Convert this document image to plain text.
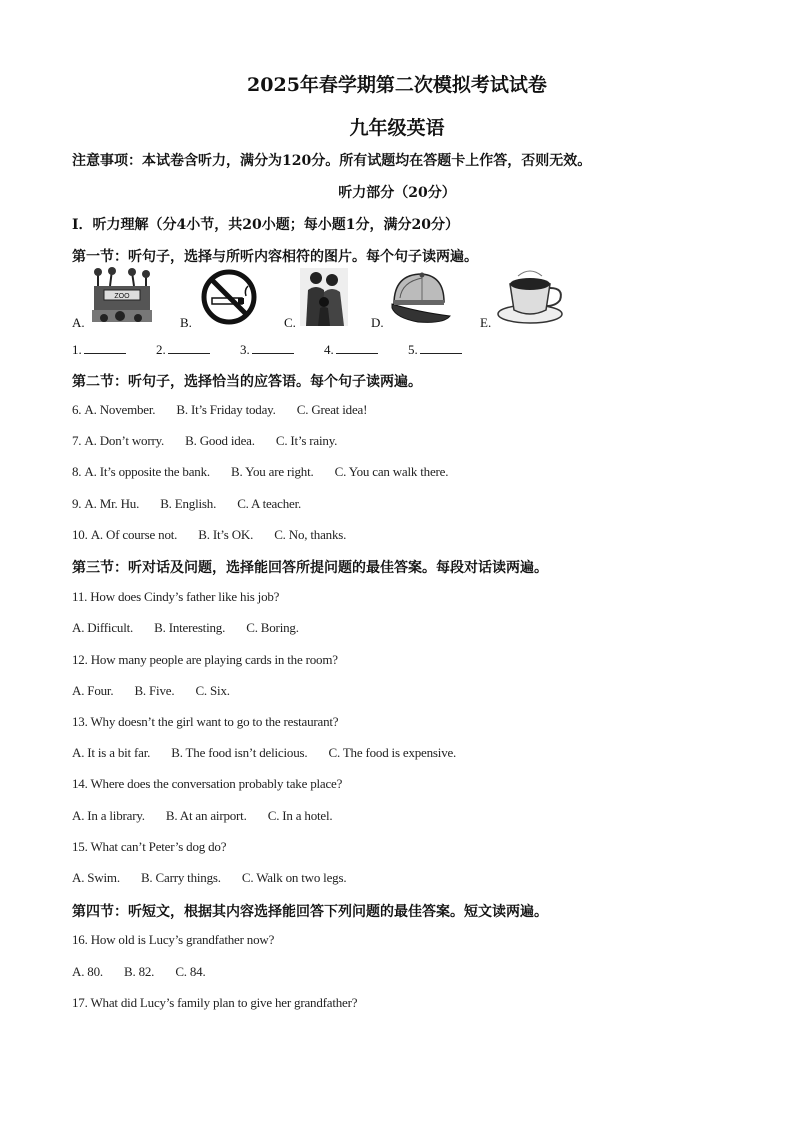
2025年春学期第二次模拟考试试卷
九年级英语
注意事项：本试卷含听力，满分为120分。所有试题均在答题卡上作答，否则无效。
听力部分（20分）
Ⅰ．听力理解（分4小节，共20小题；每小题1分，满分20分）
第一节：听句子，选择与所听内容相符的图片。每个句子读两遍。
A.
ZOO
B.	C.	D.	E.
1.	2.	3.	4.	5.
第二节：听句子，选择恰当的应答语。每个句子读两遍。
6. A. November. B. It’s Friday today. C. Great idea!
7. A. Don’t worry. B. Good idea. C. It’s rainy.
8. A. It’s opposite the bank. B. You are right. C. You can walk there.
9. A. Mr. Hu. B. English. C. A teacher.
10. A. Of course not. B. It’s OK. C. No, thanks.
第三节：听对话及问题，选择能回答所提问题的最佳答案。每段对话读两遍。
11. How does Cindy’s father like his job?
A. Difficult. B. Interesting. C. Boring.
12. How many people are playing cards in the room?
A. Four. B. Five. C. Six.
13. Why doesn’t the girl want to go to the restaurant?
A. It is a bit far. B. The food isn’t delicious. C. The food is expensive.
14. Where does the conversation probably take place?
A. In a library. B. At an airport. C. In a hotel.
15. What can’t Peter’s dog do?
A. Swim. B. Carry things. C. Walk on two legs.
第四节：听短文，根据其内容选择能回答下列问题的最佳答案。短文读两遍。
16. How old is Lucy’s grandfather now?
A. 80. B. 82. C. 84.
17. What did Lucy’s family plan to give her grandfather?
